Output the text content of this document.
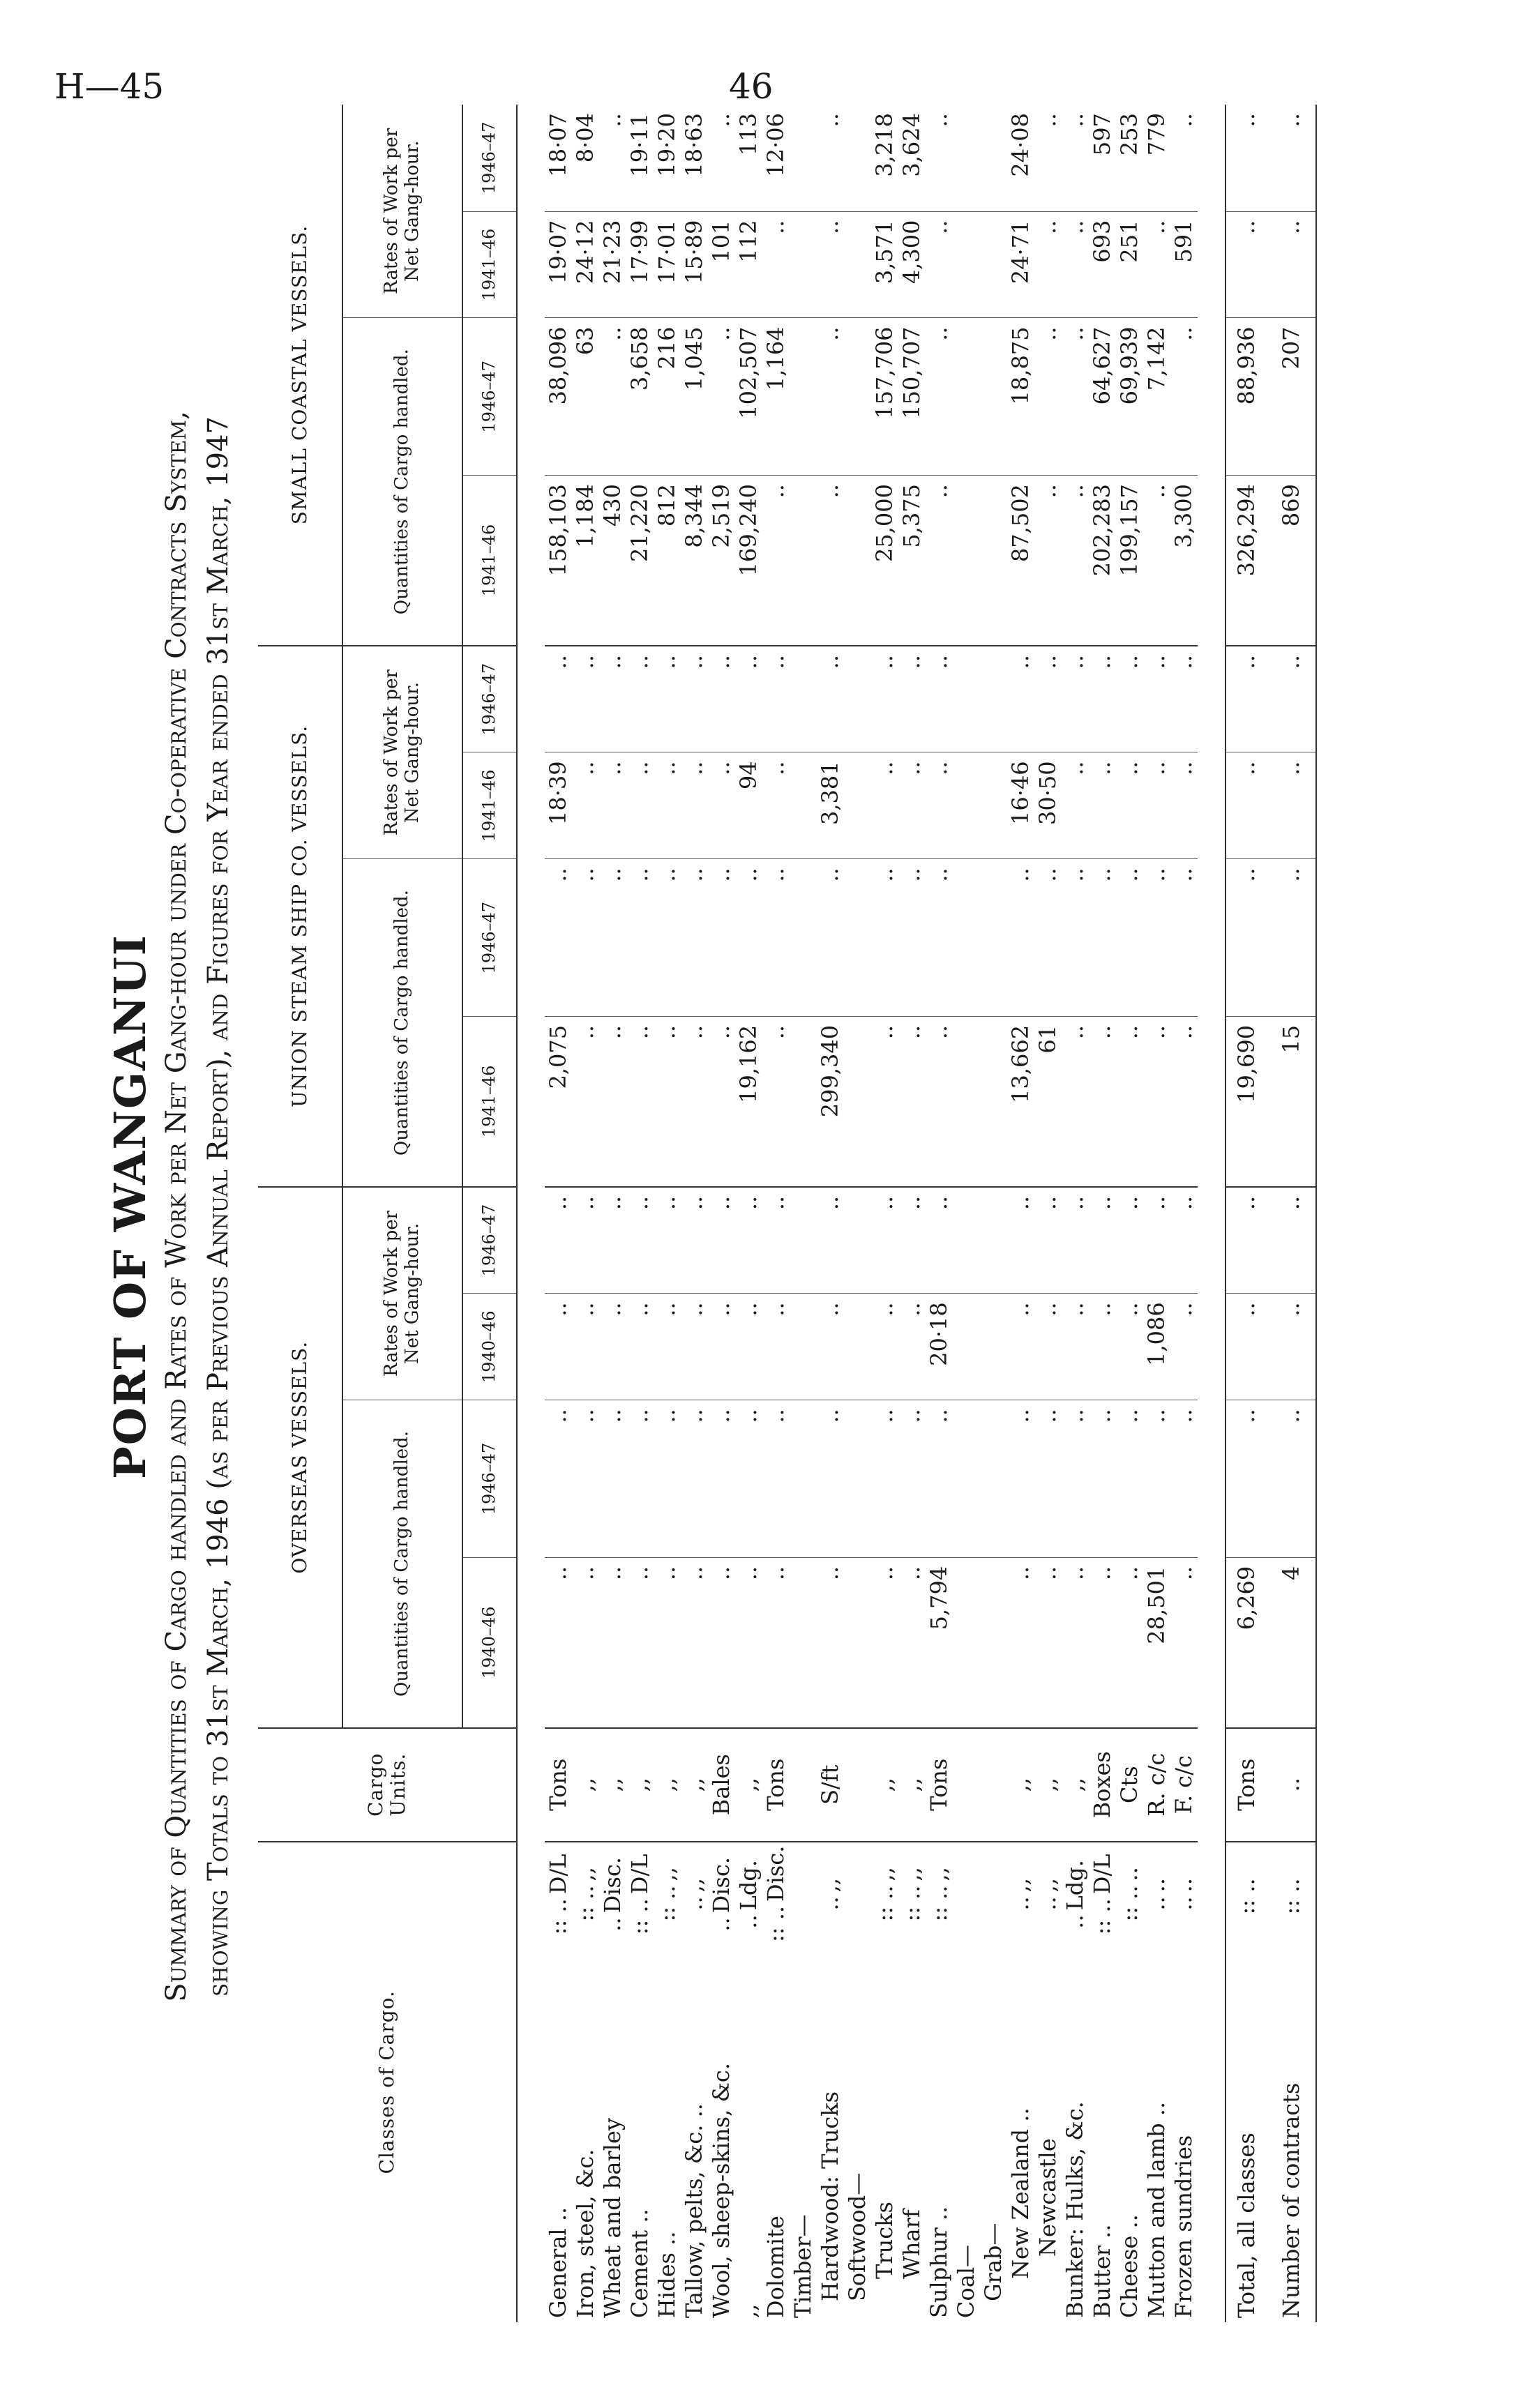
H—45	46
PORT OF WANGANUI Summary of Quantities of Cargo handled and Rates of Work per Net Gang-hour under Co-operative Contracts System, showing Totals to 31st March, 1946 (as per Previous Annual Report), and Figures for Year ended 31st March, 1947
Classes of Cargo.		Cargo Units.	OVERSEAS VESSELS.				UNION STEAM SHIP CO. VESSELS.				SMALL COASTAL VESSELS.			
			Quantities of Cargo handled.		Rates of Work per Net Gang-hour.		Quantities of Cargo handled.		Rates of Work per Net Gang-hour.		Quantities of Cargo handled.		Rates of Work per Net Gang-hour.	
			1940–46	1946–47	1940–46	1946–47	1941–46	1946–47	1941–46	1946–47	1941–46	1946–47	1941–46	1946–47

General ..	:: ..D/L	Tons	..	..	..	..	2,075	..	18·39	..	158,103	38,096	19·07	18·07
Iron, steel, &c.	:: ..,,	,,	..	..	..	..	..	..	..	..	1,184	63	24·12	8·04
Wheat and barley	..Disc.	,,	..	..	..	..	..	..	..	..	430	..	21·23	..
Cement ..	:: ..D/L	,,	..	..	..	..	..	..	..	..	21,220	3,658	17·99	19·11
Hides ..	:: ..,,	,,	..	..	..	..	..	..	..	..	812	216	17·01	19·20
Tallow, pelts, &c. ..	..,,	,,	..	..	..	..	..	..	..	..	8,344	1,045	15·89	18·63
Wool, sheep-skins, &c.	..Disc.	Bales	..	..	..	..	..	..	..	..	2,519	..	101	..
,,	..Ldg.	,,	..	..	..	..	19,162	..	94	..	169,240	102,507	112	113
Dolomite	:: ..Disc.	Tons	..	..	..	..	..	..	..	..	..	1,164	..	12·06
Timber—														
Hardwood: Trucks	..,,	S/ft	..	..	..	..	299,340	..	3,381	..	..	..	..	..
Softwood—														
Trucks	:: ..,,	,,	..	..	..	..	..	..	..	..	25,000	157,706	3,571	3,218
Wharf	:: ..,,	,,	..	..	..	..	..	..	..	..	5,375	150,707	4,300	3,624
Sulphur ..	:: ..,,	Tons	5,794	..	20·18	..	..	..	..	..	..	..	..	..
Coal—														
Grab—														
New Zealand ..	..,,	,,	..	..	..	..	13,662	..	16·46	..	87,502	18,875	24·71	24·08
Newcastle	..,,	,,	..	..	..	..	61	..	30·50	..	..	..	..	..
Bunker: Hulks, &c.	..Ldg.	,,	..	..	..	..	..	..	..	..	..	..	..	..
Butter ..	:: ..D/L	Boxes	..	..	..	..	..	..	..	..	202,283	64,627	693	597
Cheese ..	:: ....	Cts	..	..	..	..	..	..	..	..	199,157	69,939	251	253
Mutton and lamb ..	....	R. c/c	28,501	..	1,086	..	..	..	..	..	..	7,142	..	779
Frozen sundries	....	F. c/c	..	..	..	..	..	..	..	..	3,300	..	591	..

Total, all classes	:: ..	Tons	6,269	..	..	..	19,690	..	..	..	326,294	88,936	..	..
Number of contracts	:: ..	..	4	..	..	..	15	..	..	..	869	207	..	..
